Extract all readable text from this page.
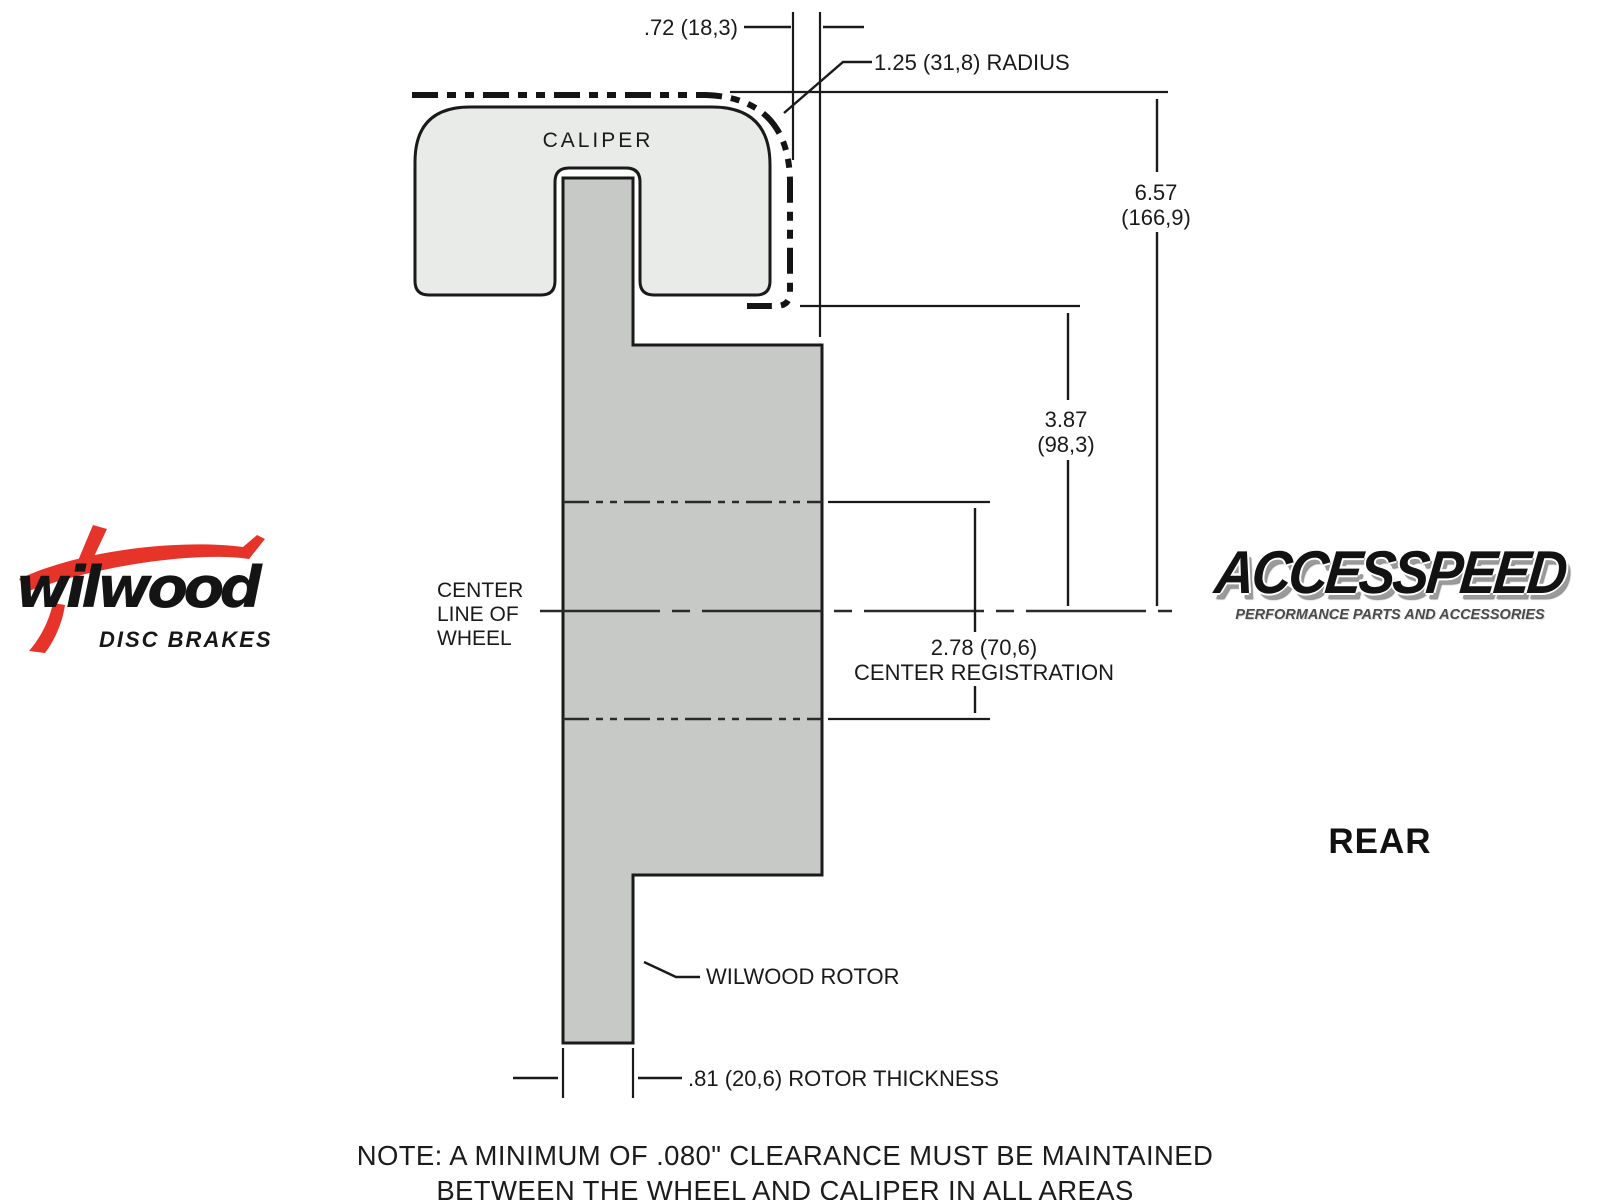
CALIPER
.72 (18,3)
1.25 (31,8) RADIUS
6.57
(166,9)
3.87
(98,3)
2.78 (70,6)
CENTER REGISTRATION
CENTER
LINE OF
WHEEL
WILWOOD ROTOR
.81 (20,6) ROTOR THICKNESS
wilwood
DISC BRAKES
ACCESSPEED
PERFORMANCE PARTS AND ACCESSORIES
REAR
NOTE: A MINIMUM OF .080" CLEARANCE MUST BE MAINTAINED
BETWEEN THE WHEEL AND CALIPER IN ALL AREAS
